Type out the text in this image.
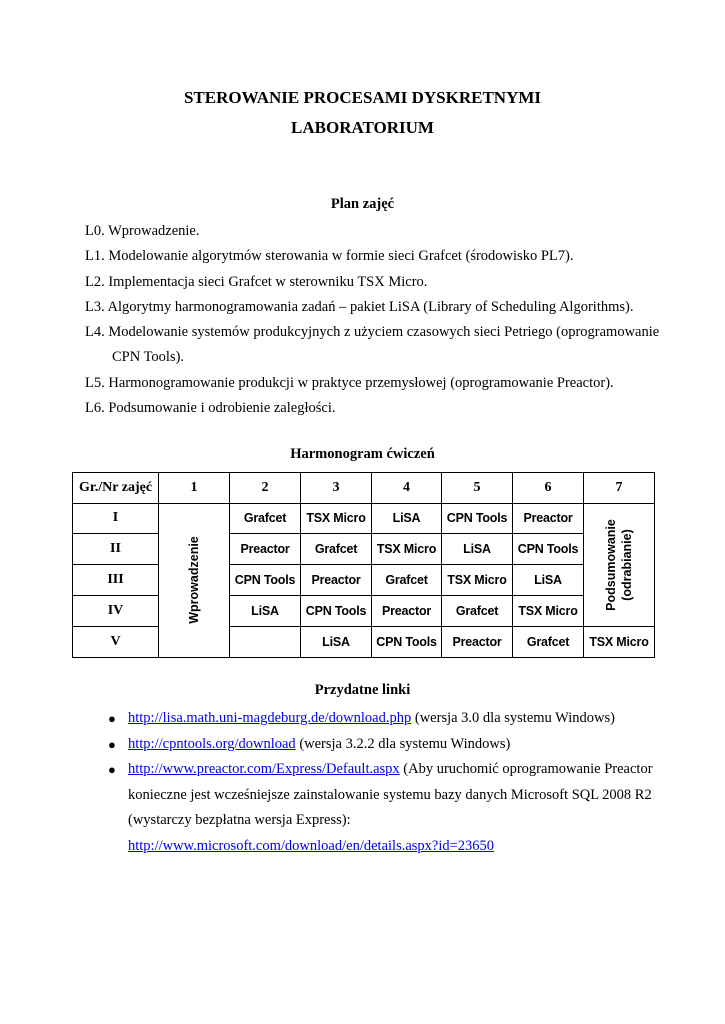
STEROWANIE PROCESAMI DYSKRETNYMI
LABORATORIUM
Plan zajęć
L0. Wprowadzenie.
L1. Modelowanie algorytmów sterowania w formie sieci Grafcet (środowisko PL7).
L2. Implementacja sieci Grafcet w sterowniku TSX Micro.
L3. Algorytmy harmonogramowania zadań – pakiet LiSA (Library of Scheduling Algorithms).
L4. Modelowanie systemów produkcyjnych z użyciem czasowych sieci Petriego (oprogramowanie
CPN Tools).
L5. Harmonogramowanie produkcji w praktyce przemysłowej (oprogramowanie Preactor).
L6. Podsumowanie i odrobienie zaległości.
Harmonogram ćwiczeń
Gr./Nr zajęć	1	2	3	4	5	6	7
I	Wprowadzenie	Grafcet	TSX Micro	LiSA	CPN Tools	Preactor	Podsumowanie (odrabianie)

II		Preactor	Grafcet	TSX Micro	LiSA	CPN Tools	
III		CPN Tools	Preactor	Grafcet	TSX Micro	LiSA	
IV		LiSA	CPN Tools	Preactor	Grafcet	TSX Micro	
V			LiSA	CPN Tools	Preactor	Grafcet	TSX Micro
Przydatne linki
● http://lisa.math.uni-magdeburg.de/download.php (wersja 3.0 dla systemu Windows)
● http://cpntools.org/download (wersja 3.2.2 dla systemu Windows)
● http://www.preactor.com/Express/Default.aspx (Aby uruchomić oprogramowanie Preactor konieczne jest wcześniejsze zainstalowanie systemu bazy danych Microsoft SQL 2008 R2 (wystarczy bezpłatna wersja Express):
http://www.microsoft.com/download/en/details.aspx?id=23650
